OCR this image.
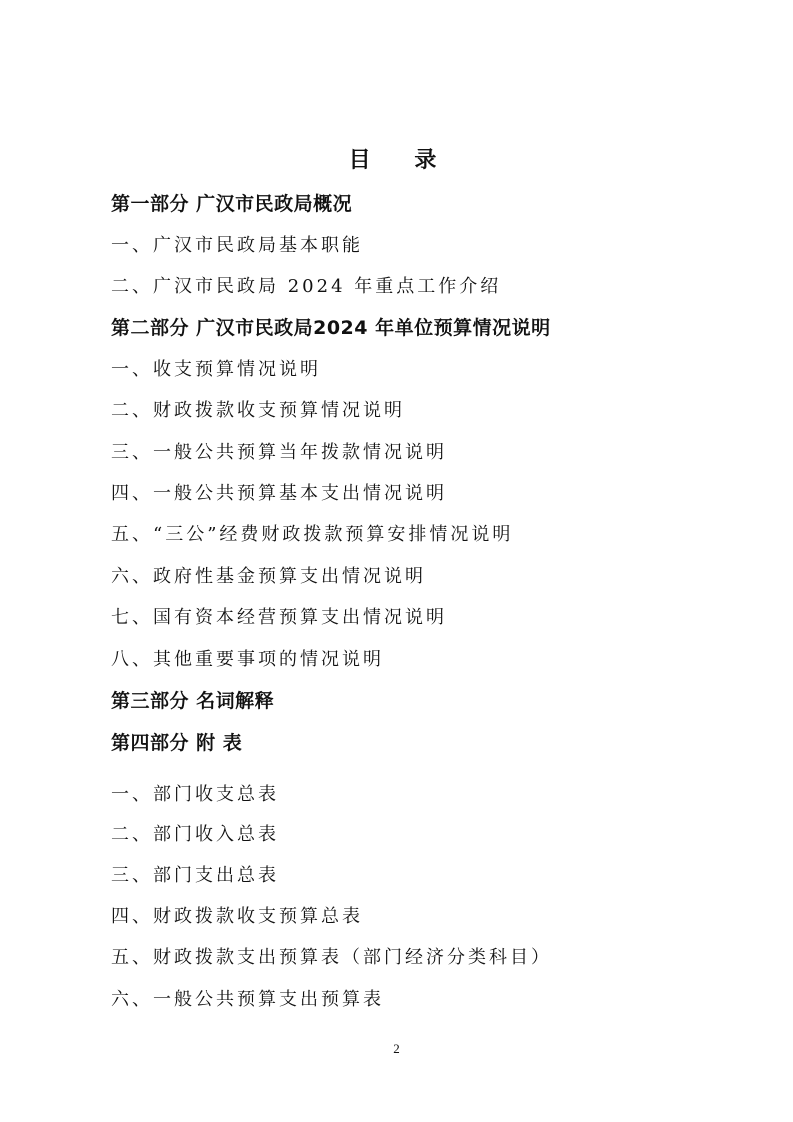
目 录
第一部分 广汉市民政局概况
一、广汉市民政局基本职能
二、广汉市民政局 2024 年重点工作介绍
第二部分 广汉市民政局2024 年单位预算情况说明
一、收支预算情况说明
二、财政拨款收支预算情况说明
三、一般公共预算当年拨款情况说明
四、一般公共预算基本支出情况说明
五、“三公”经费财政拨款预算安排情况说明
六、政府性基金预算支出情况说明
七、国有资本经营预算支出情况说明
八、其他重要事项的情况说明
第三部分 名词解释
第四部分 附 表
一、部门收支总表
二、部门收入总表
三、部门支出总表
四、财政拨款收支预算总表
五、财政拨款支出预算表（部门经济分类科目）
六、一般公共预算支出预算表
2
